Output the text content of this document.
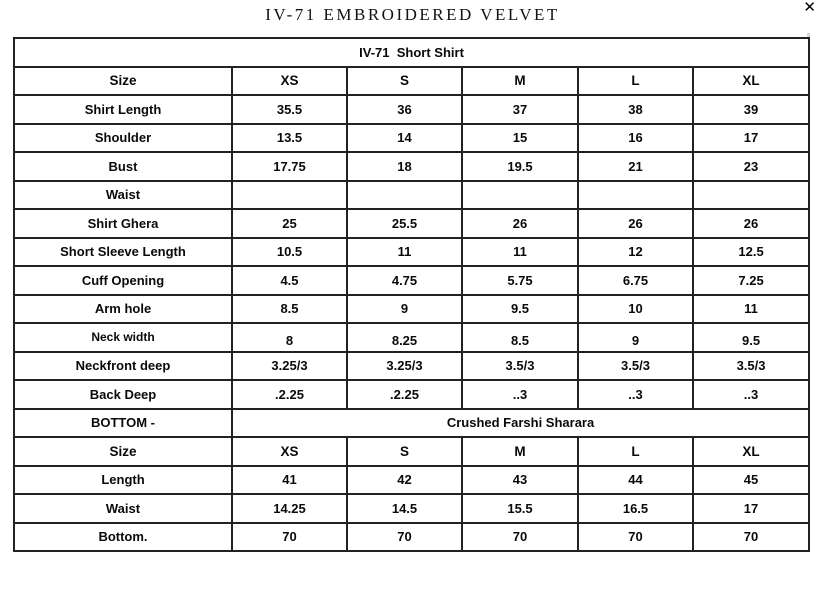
IV-71 EMBROIDERED VELVET	✕
IV-71  Short Shirt					
Size	XS	S	M	L	XL
Shirt Length	35.5	36	37	38	39
Shoulder	13.5	14	15	16	17
Bust	17.75	18	19.5	21	23
Waist					
Shirt Ghera	25	25.5	26	26	26
Short Sleeve Length	10.5	11	11	12	12.5
Cuff Opening	4.5	4.75	5.75	6.75	7.25
Arm hole	8.5	9	9.5	10	11
Neck width	8	8.25	8.5	9	9.5
Neckfront deep	3.25/3	3.25/3	3.5/3	3.5/3	3.5/3
Back Deep	.2.25	.2.25	..3	..3	..3
BOTTOM -	Crushed Farshi Sharara				
Size	XS	S	M	L	XL
Length	41	42	43	44	45
Waist	14.25	14.5	15.5	16.5	17
Bottom.	70	70	70	70	70
